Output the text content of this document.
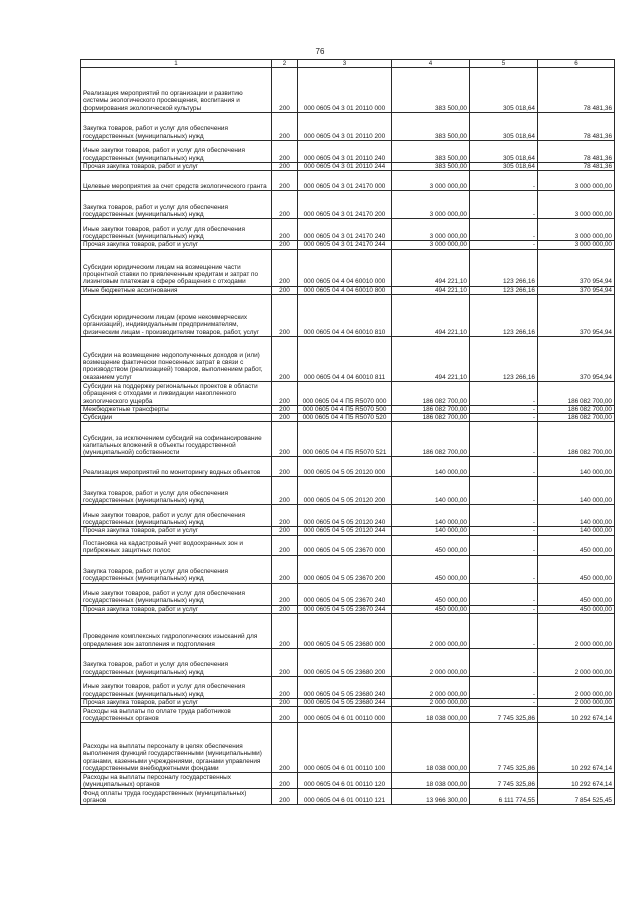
76
1	2	3	4	5	6
Реализация мероприятий по организации и развитию системы экологического просвещения, воспитания и формирования экологической культуры	200	000 0605 04 3 01 20110 000	383 500,00	305 018,64	78 481,36
Закупка товаров, работ и услуг для обеспечения государственных (муниципальных) нужд	200	000 0605 04 3 01 20110 200	383 500,00	305 018,64	78 481,36
Иные закупки товаров, работ и услуг для обеспечения государственных (муниципальных) нужд	200	000 0605 04 3 01 20110 240	383 500,00	305 018,64	78 481,36
Прочая закупка товаров, работ и услуг	200	000 0605 04 3 01 20110 244	383 500,00	305 018,64	78 481,36
Целевые мероприятия за счет средств экологического гранта	200	000 0605 04 3 01 24170 000	3 000 000,00	-	3 000 000,00
Закупка товаров, работ и услуг для обеспечения государственных (муниципальных) нужд	200	000 0605 04 3 01 24170 200	3 000 000,00	-	3 000 000,00
Иные закупки товаров, работ и услуг для обеспечения государственных (муниципальных) нужд	200	000 0605 04 3 01 24170 240	3 000 000,00	-	3 000 000,00
Прочая закупка товаров, работ и услуг	200	000 0605 04 3 01 24170 244	3 000 000,00	-	3 000 000,00
Субсидии юридическим лицам на возмещение части процентной ставки по привлеченным кредитам и затрат по лизинговым платежам в сфере обращения с отходами	200	000 0605 04 4 04 60010 000	494 221,10	123 266,16	370 954,94
Иные бюджетные ассигнования	200	000 0605 04 4 04 60010 800	494 221,10	123 266,16	370 954,94
Субсидии юридическим лицам (кроме некоммерческих организаций), индивидуальным предпринимателям, физическим лицам - производителям товаров, работ, услуг	200	000 0605 04 4 04 60010 810	494 221,10	123 266,16	370 954,94
Субсидии на возмещение недополученных доходов и (или) возмещение фактически понесенных затрат в связи с производством (реализацией) товаров, выполнением работ, оказанием услуг	200	000 0605 04 4 04 60010 811	494 221,10	123 266,16	370 954,94
Субсидии на поддержку региональных проектов в области обращения с отходами и ликвидации накопленного экологического ущерба	200	000 0605 04 4 П5 R5070 000	186 082 700,00	-	186 082 700,00
Межбюджетные трансферты	200	000 0605 04 4 П5 R5070 500	186 082 700,00	-	186 082 700,00
Субсидии	200	000 0605 04 4 П5 R5070 520	186 082 700,00	-	186 082 700,00
Субсидии, за исключением субсидий на софинансирование капитальных вложений в объекты государственной (муниципальной) собственности	200	000 0605 04 4 П5 R5070 521	186 082 700,00	-	186 082 700,00
Реализация мероприятий по мониторингу водных объектов	200	000 0605 04 5 05 20120 000	140 000,00	-	140 000,00
Закупка товаров, работ и услуг для обеспечения государственных (муниципальных) нужд	200	000 0605 04 5 05 20120 200	140 000,00	-	140 000,00
Иные закупки товаров, работ и услуг для обеспечения государственных (муниципальных) нужд	200	000 0605 04 5 05 20120 240	140 000,00	-	140 000,00
Прочая закупка товаров, работ и услуг	200	000 0605 04 5 05 20120 244	140 000,00	-	140 000,00
Постановка на кадастровый учет водоохранных зон и прибрежных защитных полос	200	000 0605 04 5 05 23670 000	450 000,00	-	450 000,00
Закупка товаров, работ и услуг для обеспечения государственных (муниципальных) нужд	200	000 0605 04 5 05 23670 200	450 000,00	-	450 000,00
Иные закупки товаров, работ и услуг для обеспечения государственных (муниципальных) нужд	200	000 0605 04 5 05 23670 240	450 000,00	-	450 000,00
Прочая закупка товаров, работ и услуг	200	000 0605 04 5 05 23670 244	450 000,00	-	450 000,00
Проведение комплексных гидрологических изысканий для определения зон затопления и подтопления	200	000 0605 04 5 05 23680 000	2 000 000,00	-	2 000 000,00
Закупка товаров, работ и услуг для обеспечения государственных (муниципальных) нужд	200	000 0605 04 5 05 23680 200	2 000 000,00	-	2 000 000,00
Иные закупки товаров, работ и услуг для обеспечения государственных (муниципальных) нужд	200	000 0605 04 5 05 23680 240	2 000 000,00	-	2 000 000,00
Прочая закупка товаров, работ и услуг	200	000 0605 04 5 05 23680 244	2 000 000,00	-	2 000 000,00
Расходы на выплаты по оплате труда работников государственных органов	200	000 0605 04 6 01 00110 000	18 038 000,00	7 745 325,86	10 292 674,14
Расходы на выплаты персоналу в целях обеспечения выполнения функций государственными (муниципальными) органами, казенными учреждениями, органами управления государственными внебюджетными фондами	200	000 0605 04 6 01 00110 100	18 038 000,00	7 745 325,86	10 292 674,14
Расходы на выплаты персоналу государственных (муниципальных) органов	200	000 0605 04 6 01 00110 120	18 038 000,00	7 745 325,86	10 292 674,14
Фонд оплаты труда государственных (муниципальных) органов	200	000 0605 04 6 01 00110 121	13 966 300,00	6 111 774,55	7 854 525,45
